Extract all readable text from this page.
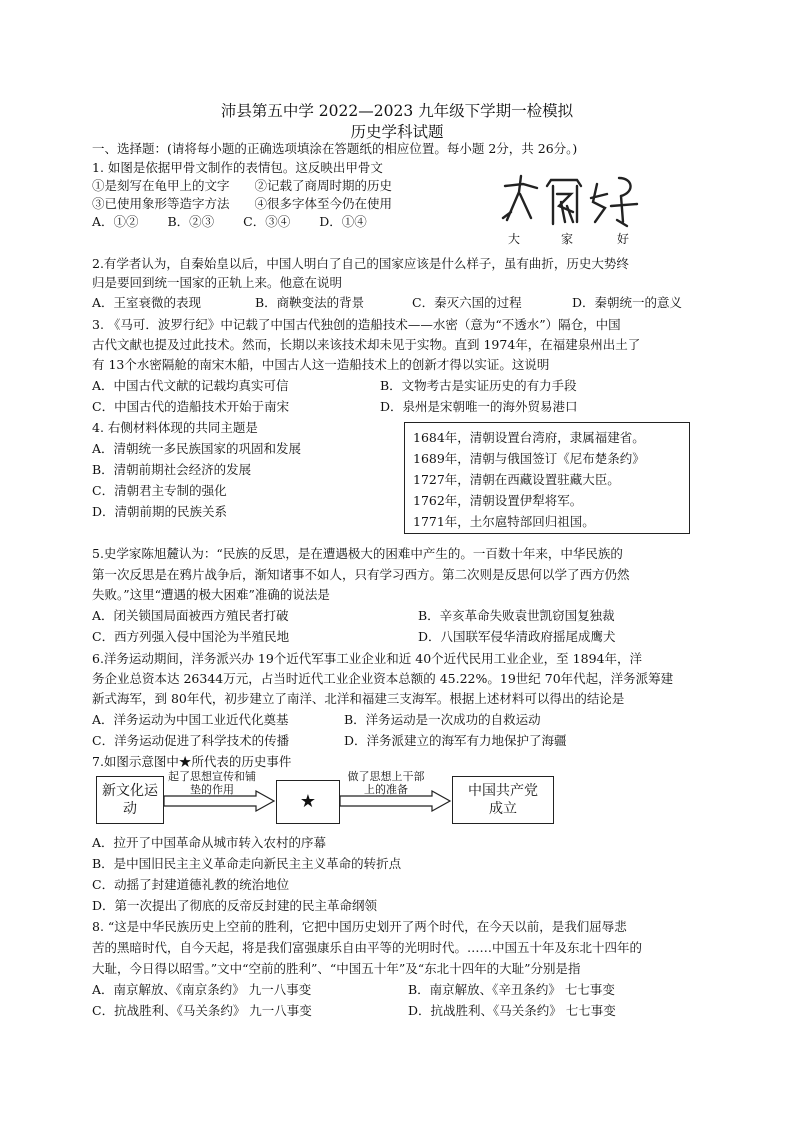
沛县第五中学 2022—2023 九年级下学期一检模拟
历史学科试题
一、选择题：(请将每小题的正确选项填涂在答题纸的相应位置。每小题 2分，共 26分。)
1. 如图是依据甲骨文制作的表情包。这反映出甲骨文
①是刻写在龟甲上的文字　　②记载了商周时期的历史
③已使用象形等造字方法　　④很多字体至今仍在使用
A．①②　　 B．②③　　 C．③④　　 D．①④
大	家	好
2.有学者认为，自秦始皇以后，中国人明白了自己的国家应该是什么样子，虽有曲折，历史大势终
归是要回到统一国家的正轨上来。他意在说明
A．王室衰微的表现	B．商鞅变法的背景	C．秦灭六国的过程	D．秦朝统一的意义
3. 《马可．波罗行纪》中记载了中国古代独创的造船技术——水密（意为“不透水”）隔仓，中国
古代文献也提及过此技术。然而，长期以来该技术却未见于实物。直到 1974年，在福建泉州出土了
有 13个水密隔舱的南宋木船，中国古人这一造船技术上的创新才得以实证。这说明
A．中国古代文献的记载均真实可信	B．文物考古是实证历史的有力手段
C．中国古代的造船技术开始于南宋	D．泉州是宋朝唯一的海外贸易港口
4. 右侧材料体现的共同主题是
A．清朝统一多民族国家的巩固和发展
B．清朝前期社会经济的发展
C．清朝君主专制的强化
D．清朝前期的民族关系
1684年，清朝设置台湾府，隶属福建省。
1689年，清朝与俄国签订《尼布楚条约》
1727年，清朝在西藏设置驻藏大臣。
1762年，清朝设置伊犁将军。
1771年，土尔扈特部回归祖国。
5.史学家陈旭麓认为：“民族的反思，是在遭遇极大的困难中产生的。一百数十年来，中华民族的
第一次反思是在鸦片战争后，渐知诸事不如人，只有学习西方。第二次则是反思何以学了西方仍然
失败。”这里“遭遇的极大困难”准确的说法是
A．闭关锁国局面被西方殖民者打破	B．辛亥革命失败袁世凯窃国复独裁
C．西方列强入侵中国沦为半殖民地	D．八国联军侵华清政府摇尾成鹰犬
6.洋务运动期间，洋务派兴办 19个近代军事工业企业和近 40个近代民用工业企业，至 1894年，洋
务企业总资本达 26344万元，占当时近代工业企业资本总额的 45.22%。19世纪 70年代起，洋务派筹建
新式海军，到 80年代，初步建立了南洋、北洋和福建三支海军。根据上述材料可以得出的结论是
A．洋务运动为中国工业近代化奠基	B．洋务运动是一次成功的自救运动
C．洋务运动促进了科学技术的传播	D．洋务派建立的海军有力地保护了海疆
7.如图示意图中★所代表的历史事件
新文化运动
起了思想宣传和铺垫的作用
★
做了思想上干部上的准备	中国共产党成立
A．拉开了中国革命从城市转入农村的序幕
B．是中国旧民主主义革命走向新民主主义革命的转折点
C．动摇了封建道德礼教的统治地位
D．第一次提出了彻底的反帝反封建的民主革命纲领
8. “这是中华民族历史上空前的胜利，它把中国历史划开了两个时代，在今天以前，是我们屈辱悲
苦的黑暗时代，自今天起，将是我们富强康乐自由平等的光明时代。……中国五十年及东北十四年的
大耻，今日得以昭雪。”文中“空前的胜利”、“中国五十年”及“东北十四年的大耻”分别是指
A．南京解放、《南京条约》 九一八事变	B．南京解放、《辛丑条约》 七七事变
C．抗战胜利、《马关条约》 九一八事变	D．抗战胜利、《马关条约》 七七事变
